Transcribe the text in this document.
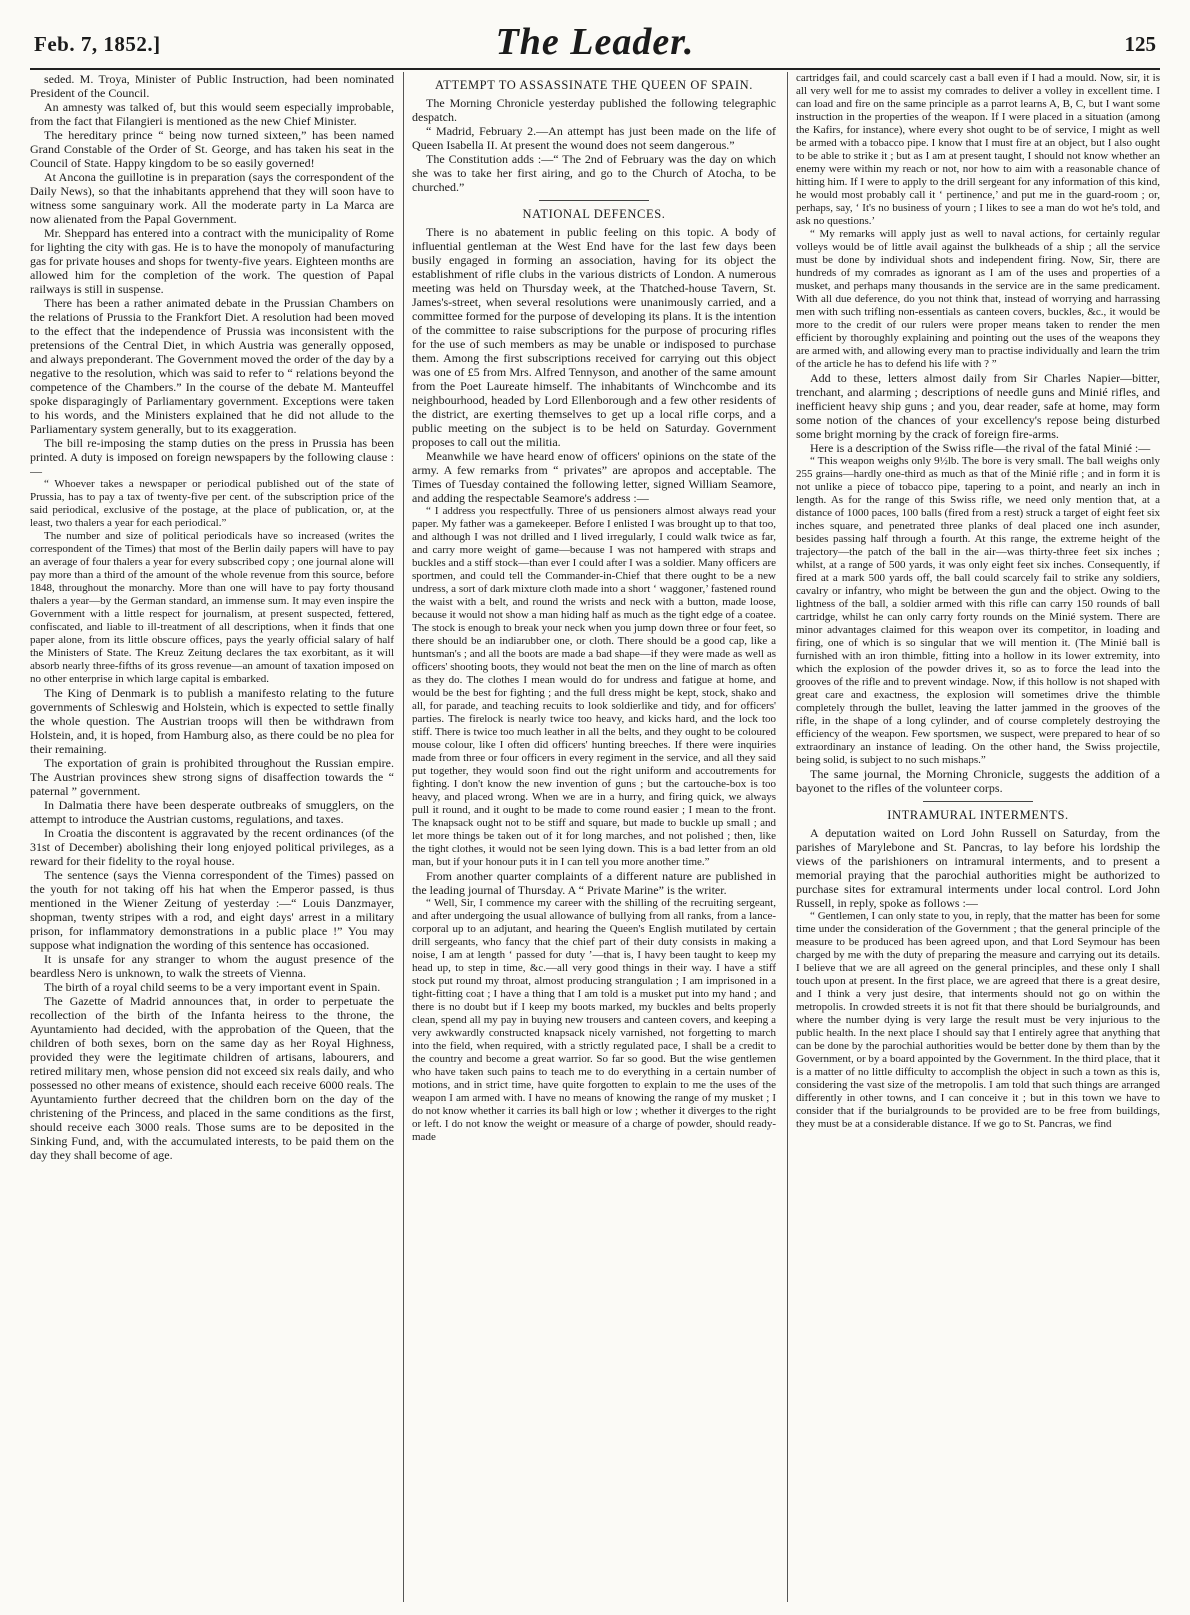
Feb. 7, 1852.]	The Leader.	125

seded. M. Troya, Minister of Public Instruction, had been nominated President of the Council.

An amnesty was talked of, but this would seem especially improbable, from the fact that Filangieri is mentioned as the new Chief Minister.

The hereditary prince “ being now turned sixteen,” has been named Grand Constable of the Order of St. George, and has taken his seat in the Council of State. Happy kingdom to be so easily governed!

At Ancona the guillotine is in preparation (says the correspondent of the Daily News), so that the inhabitants apprehend that they will soon have to witness some sanguinary work. All the moderate party in La Marca are now alienated from the Papal Government.

Mr. Sheppard has entered into a contract with the municipality of Rome for lighting the city with gas. He is to have the monopoly of manufacturing gas for private houses and shops for twenty-five years. Eighteen months are allowed him for the completion of the work. The question of Papal railways is still in suspense.

There has been a rather animated debate in the Prussian Chambers on the relations of Prussia to the Frankfort Diet. A resolution had been moved to the effect that the independence of Prussia was inconsistent with the pretensions of the Central Diet, in which Austria was generally opposed, and always preponderant. The Government moved the order of the day by a negative to the resolution, which was said to refer to “ relations beyond the competence of the Chambers.” In the course of the debate M. Manteuffel spoke disparagingly of Parliamentary government. Exceptions were taken to his words, and the Ministers explained that he did not allude to the Parliamentary system generally, but to its exaggeration.

The bill re-imposing the stamp duties on the press in Prussia has been printed. A duty is imposed on foreign newspapers by the following clause :—

“ Whoever takes a newspaper or periodical published out of the state of Prussia, has to pay a tax of twenty-five per cent. of the subscription price of the said periodical, exclusive of the postage, at the place of publication, or, at the least, two thalers a year for each periodical.”

The number and size of political periodicals have so increased (writes the correspondent of the Times) that most of the Berlin daily papers will have to pay an average of four thalers a year for every subscribed copy ; one journal alone will pay more than a third of the amount of the whole revenue from this source, before 1848, throughout the monarchy. More than one will have to pay forty thousand thalers a year—by the German standard, an immense sum. It may even inspire the Government with a little respect for journalism, at present suspected, fettered, confiscated, and liable to ill-treatment of all descriptions, when it finds that one paper alone, from its little obscure offices, pays the yearly official salary of half the Ministers of State. The Kreuz Zeitung declares the tax exorbitant, as it will absorb nearly three-fifths of its gross revenue—an amount of taxation imposed on no other enterprise in which large capital is embarked.

The King of Denmark is to publish a manifesto relating to the future governments of Schleswig and Holstein, which is expected to settle finally the whole question. The Austrian troops will then be withdrawn from Holstein, and, it is hoped, from Hamburg also, as there could be no plea for their remaining.

The exportation of grain is prohibited throughout the Russian empire. The Austrian provinces shew strong signs of disaffection towards the “ paternal ” government.

In Dalmatia there have been desperate outbreaks of smugglers, on the attempt to introduce the Austrian customs, regulations, and taxes.

In Croatia the discontent is aggravated by the recent ordinances (of the 31st of December) abolishing their long enjoyed political privileges, as a reward for their fidelity to the royal house.

The sentence (says the Vienna correspondent of the Times) passed on the youth for not taking off his hat when the Emperor passed, is thus mentioned in the Wiener Zeitung of yesterday :—“ Louis Danzmayer, shopman, twenty stripes with a rod, and eight days' arrest in a military prison, for inflammatory demonstrations in a public place !” You may suppose what indignation the wording of this sentence has occasioned.

It is unsafe for any stranger to whom the august presence of the beardless Nero is unknown, to walk the streets of Vienna.

The birth of a royal child seems to be a very important event in Spain.

The Gazette of Madrid announces that, in order to perpetuate the recollection of the birth of the Infanta heiress to the throne, the Ayuntamiento had decided, with the approbation of the Queen, that the children of both sexes, born on the same day as her Royal Highness, provided they were the legitimate children of artisans, labourers, and retired military men, whose pension did not exceed six reals daily, and who possessed no other means of existence, should each receive 6000 reals. The Ayuntamiento further decreed that the children born on the day of the christening of the Princess, and placed in the same conditions as the first, should receive each 3000 reals. Those sums are to be deposited in the Sinking Fund, and, with the accumulated interests, to be paid them on the day they shall become of age.

ATTEMPT TO ASSASSINATE THE QUEEN OF SPAIN.

The Morning Chronicle yesterday published the following telegraphic despatch.

“ Madrid, February 2.—An attempt has just been made on the life of Queen Isabella II. At present the wound does not seem dangerous.”

The Constitution adds :—“ The 2nd of February was the day on which she was to take her first airing, and go to the Church of Atocha, to be churched.”

NATIONAL DEFENCES.

There is no abatement in public feeling on this topic. A body of influential gentleman at the West End have for the last few days been busily engaged in forming an association, having for its object the establishment of rifle clubs in the various districts of London. A numerous meeting was held on Thursday week, at the Thatched-house Tavern, St. James's-street, when several resolutions were unanimously carried, and a committee formed for the purpose of developing its plans. It is the intention of the committee to raise subscriptions for the purpose of procuring rifles for the use of such members as may be unable or indisposed to purchase them. Among the first subscriptions received for carrying out this object was one of £5 from Mrs. Alfred Tennyson, and another of the same amount from the Poet Laureate himself. The inhabitants of Winchcombe and its neighbourhood, headed by Lord Ellenborough and a few other residents of the district, are exerting themselves to get up a local rifle corps, and a public meeting on the subject is to be held on Saturday. Government proposes to call out the militia.

Meanwhile we have heard enow of officers' opinions on the state of the army. A few remarks from “ privates” are apropos and acceptable. The Times of Tuesday contained the following letter, signed William Seamore, and adding the respectable Seamore's address :—

“ I address you respectfully. Three of us pensioners almost always read your paper. My father was a gamekeeper. Before I enlisted I was brought up to that too, and although I was not drilled and I lived irregularly, I could walk twice as far, and carry more weight of game—because I was not hampered with straps and buckles and a stiff stock—than ever I could after I was a soldier. Many officers are sportmen, and could tell the Commander-in-Chief that there ought to be a new undress, a sort of dark mixture cloth made into a short ‘ waggoner,’ fastened round the waist with a belt, and round the wrists and neck with a button, made loose, because it would not show a man hiding half as much as the tight edge of a coatee. The stock is enough to break your neck when you jump down three or four feet, so there should be an indiarubber one, or cloth. There should be a good cap, like a huntsman's ; and all the boots are made a bad shape—if they were made as well as officers' shooting boots, they would not beat the men on the line of march as often as they do. The clothes I mean would do for undress and fatigue at home, and would be the best for fighting ; and the full dress might be kept, stock, shako and all, for parade, and teaching recuits to look soldierlike and tidy, and for officers' parties. The firelock is nearly twice too heavy, and kicks hard, and the lock too stiff. There is twice too much leather in all the belts, and they ought to be coloured mouse colour, like I often did officers' hunting breeches. If there were inquiries made from three or four officers in every regiment in the service, and all they said put together, they would soon find out the right uniform and accoutrements for fighting. I don't know the new invention of guns ; but the cartouche-box is too heavy, and placed wrong. When we are in a hurry, and firing quick, we always pull it round, and it ought to be made to come round easier ; I mean to the front. The knapsack ought not to be stiff and square, but made to buckle up small ; and let more things be taken out of it for long marches, and not polished ; then, like the tight clothes, it would not be seen lying down. This is a bad letter from an old man, but if your honour puts it in I can tell you more another time.”

From another quarter complaints of a different nature are published in the leading journal of Thursday. A “ Private Marine” is the writer.

“ Well, Sir, I commence my career with the shilling of the recruiting sergeant, and after undergoing the usual allowance of bullying from all ranks, from a lance-corporal up to an adjutant, and hearing the Queen's English mutilated by certain drill sergeants, who fancy that the chief part of their duty consists in making a noise, I am at length ‘ passed for duty ’—that is, I havy been taught to keep my head up, to step in time, &c.—all very good things in their way. I have a stiff stock put round my throat, almost producing strangulation ; I am imprisoned in a tight-fitting coat ; I have a thing that I am told is a musket put into my hand ; and there is no doubt but if I keep my boots marked, my buckles and belts properly clean, spend all my pay in buying new trousers and canteen covers, and keeping a very awkwardly constructed knapsack nicely varnished, not forgetting to march into the field, when required, with a strictly regulated pace, I shall be a credit to the country and become a great warrior. So far so good. But the wise gentlemen who have taken such pains to teach me to do everything in a certain number of motions, and in strict time, have quite forgotten to explain to me the uses of the weapon I am armed with. I have no means of knowing the range of my musket ; I do not know whether it carries its ball high or low ; whether it diverges to the right or left. I do not know the weight or measure of a charge of powder, should ready-made

cartridges fail, and could scarcely cast a ball even if I had a mould. Now, sir, it is all very well for me to assist my comrades to deliver a volley in excellent time. I can load and fire on the same principle as a parrot learns A, B, C, but I want some instruction in the properties of the weapon. If I were placed in a situation (among the Kafirs, for instance), where every shot ought to be of service, I might as well be armed with a tobacco pipe. I know that I must fire at an object, but I also ought to be able to strike it ; but as I am at present taught, I should not know whether an enemy were within my reach or not, nor how to aim with a reasonable chance of hitting him. If I were to apply to the drill sergeant for any information of this kind, he would most probably call it ‘ pertinence,’ and put me in the guard-room ; or, perhaps, say, ‘ It's no business of yourn ; I likes to see a man do wot he's told, and ask no questions.’

“ My remarks will apply just as well to naval actions, for certainly regular volleys would be of little avail against the bulkheads of a ship ; all the service must be done by individual shots and independent firing. Now, Sir, there are hundreds of my comrades as ignorant as I am of the uses and properties of a musket, and perhaps many thousands in the service are in the same predicament. With all due deference, do you not think that, instead of worrying and harrassing men with such trifling non-essentials as canteen covers, buckles, &c., it would be more to the credit of our rulers were proper means taken to render the men efficient by thoroughly explaining and pointing out the uses of the weapons they are armed with, and allowing every man to practise individually and learn the trim of the article he has to defend his life with ? ”

Add to these, letters almost daily from Sir Charles Napier—bitter, trenchant, and alarming ; descriptions of needle guns and Minié rifles, and inefficient heavy ship guns ; and you, dear reader, safe at home, may form some notion of the chances of your excellency's repose being disturbed some bright morning by the crack of foreign fire-arms.

Here is a description of the Swiss rifle—the rival of the fatal Minié :—

“ This weapon weighs only 9½lb. The bore is very small. The ball weighs only 255 grains—hardly one-third as much as that of the Minié rifle ; and in form it is not unlike a piece of tobacco pipe, tapering to a point, and nearly an inch in length. As for the range of this Swiss rifle, we need only mention that, at a distance of 1000 paces, 100 balls (fired from a rest) struck a target of eight feet six inches square, and penetrated three planks of deal placed one inch asunder, besides passing half through a fourth. At this range, the extreme height of the trajectory—the patch of the ball in the air—was thirty-three feet six inches ; whilst, at a range of 500 yards, it was only eight feet six inches. Consequently, if fired at a mark 500 yards off, the ball could scarcely fail to strike any soldiers, cavalry or infantry, who might be between the gun and the object. Owing to the lightness of the ball, a soldier armed with this rifle can carry 150 rounds of ball cartridge, whilst he can only carry forty rounds on the Minié system. There are minor advantages claimed for this weapon over its competitor, in loading and firing, one of which is so singular that we will mention it. (The Minié ball is furnished with an iron thimble, fitting into a hollow in its lower extremity, into which the explosion of the powder drives it, so as to force the lead into the grooves of the rifle and to prevent windage. Now, if this hollow is not shaped with great care and exactness, the explosion will sometimes drive the thimble completely through the bullet, leaving the latter jammed in the grooves of the rifle, in the shape of a long cylinder, and of course completely destroying the efficiency of the weapon. Few sportsmen, we suspect, were prepared to hear of so extraordinary an instance of leading. On the other hand, the Swiss projectile, being solid, is subject to no such mishaps.”

The same journal, the Morning Chronicle, suggests the addition of a bayonet to the rifles of the volunteer corps.

INTRAMURAL INTERMENTS.

A deputation waited on Lord John Russell on Saturday, from the parishes of Marylebone and St. Pancras, to lay before his lordship the views of the parishioners on intramural interments, and to present a memorial praying that the parochial authorities might be authorized to purchase sites for extramural interments under local control. Lord John Russell, in reply, spoke as follows :—

“ Gentlemen, I can only state to you, in reply, that the matter has been for some time under the consideration of the Government ; that the general principle of the measure to be produced has been agreed upon, and that Lord Seymour has been charged by me with the duty of preparing the measure and carrying out its details. I believe that we are all agreed on the general principles, and these only I shall touch upon at present. In the first place, we are agreed that there is a great desire, and I think a very just desire, that interments should not go on within the metropolis. In crowded streets it is not fit that there should be burialgrounds, and where the number dying is very large the result must be very injurious to the public health. In the next place I should say that I entirely agree that anything that can be done by the parochial authorities would be better done by them than by the Government, or by a board appointed by the Government. In the third place, that it is a matter of no little difficulty to accomplish the object in such a town as this is, considering the vast size of the metropolis. I am told that such things are arranged differently in other towns, and I can conceive it ; but in this town we have to consider that if the burialgrounds to be provided are to be free from buildings, they must be at a considerable distance. If we go to St. Pancras, we find
